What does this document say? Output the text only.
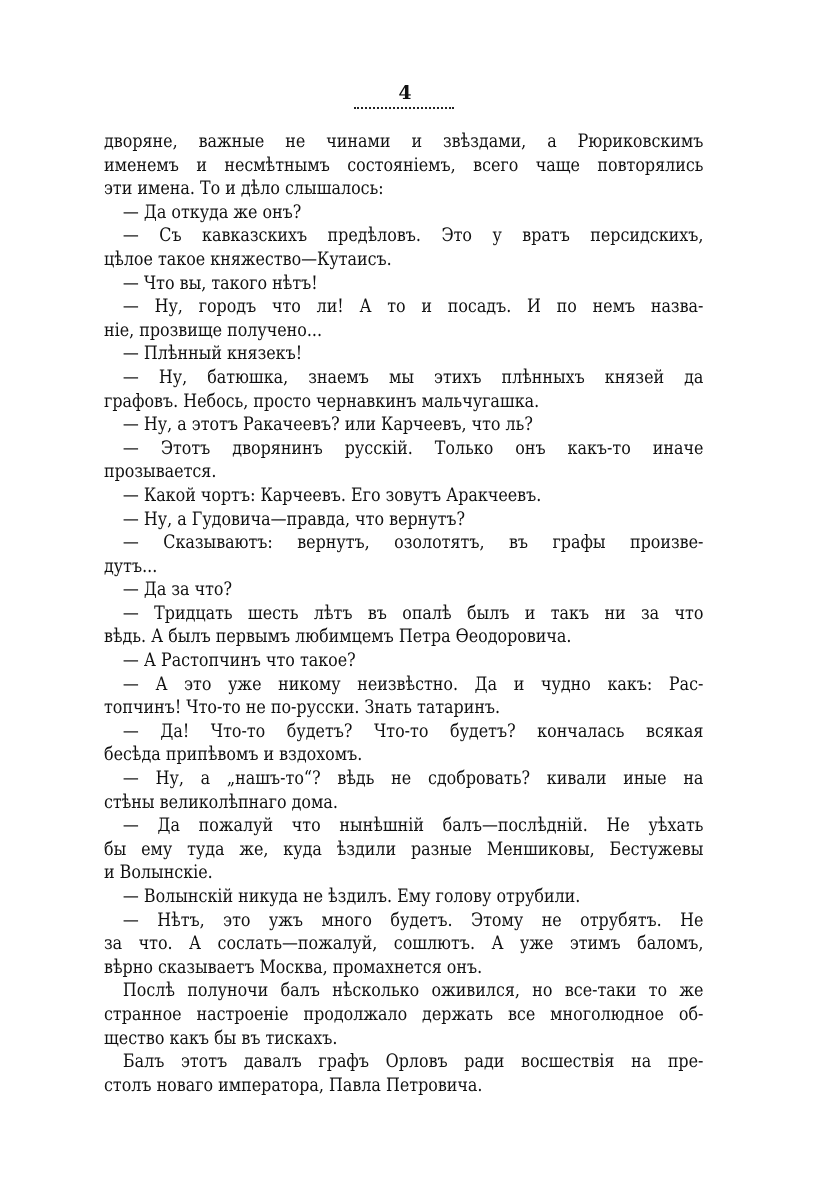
4
дворяне, важные не чинами и звѣздами, а Рюриковскимъ
именемъ и несмѣтнымъ состоянiемъ, всего чаще повторялись
эти имена. То и дѣло слышалось:
— Да откуда же онъ?
— Съ кавказскихъ предѣловъ. Это у вратъ персидскихъ,
цѣлое такое княжество—Кутаисъ.
— Что вы, такого нѣтъ!
— Ну, городъ что ли! А то и посадъ. И по немъ назва-
нiе, прозвище получено...
— Плѣнный князекъ!
— Ну, батюшка, знаемъ мы этихъ плѣнныхъ князей да
графовъ. Небось, просто чернавкинъ мальчугашка.
— Ну, а этотъ Ракачеевъ? или Карчеевъ, что ль?
— Этотъ дворянинъ русскiй. Только онъ какъ-то иначе
прозывается.
— Какой чортъ: Карчеевъ. Его зовутъ Аракчеевъ.
— Ну, а Гудовича—правда, что вернутъ?
— Сказываютъ: вернутъ, озолотятъ, въ графы произве-
дутъ...
— Да за что?
— Тридцать шесть лѣтъ въ опалѣ былъ и такъ ни за что
вѣдь. А былъ первымъ любимцемъ Петра Ѳеодоровича.
— А Растопчинъ что такое?
— А это уже никому неизвѣстно. Да и чудно какъ: Рас-
топчинъ! Что-то не по-русски. Знать татаринъ.
— Да! Что-то будетъ? Что-то будетъ? кончалась всякая
бесѣда припѣвомъ и вздохомъ.
— Ну, а „нашъ-то“? вѣдь не сдобровать? кивали иные на
стѣны великолѣпнаго дома.
— Да пожалуй что нынѣшнiй балъ—послѣднiй. Не уѣхать
бы ему туда же, куда ѣздили разные Меншиковы, Бестужевы
и Волынскiе.
— Волынскiй никуда не ѣздилъ. Ему голову отрубили.
— Нѣтъ, это ужъ много будетъ. Этому не отрубятъ. Не
за что. А сослать—пожалуй, сошлютъ. А уже этимъ баломъ,
вѣрно сказываетъ Москва, промахнется онъ.
Послѣ полуночи балъ нѣсколько оживился, но все-таки то же
странное настроенiе продолжало держать все многолюдное об-
щество какъ бы въ тискахъ.
Балъ этотъ давалъ графъ Орловъ ради восшествiя на пре-
столъ новаго императора, Павла Петровича.
